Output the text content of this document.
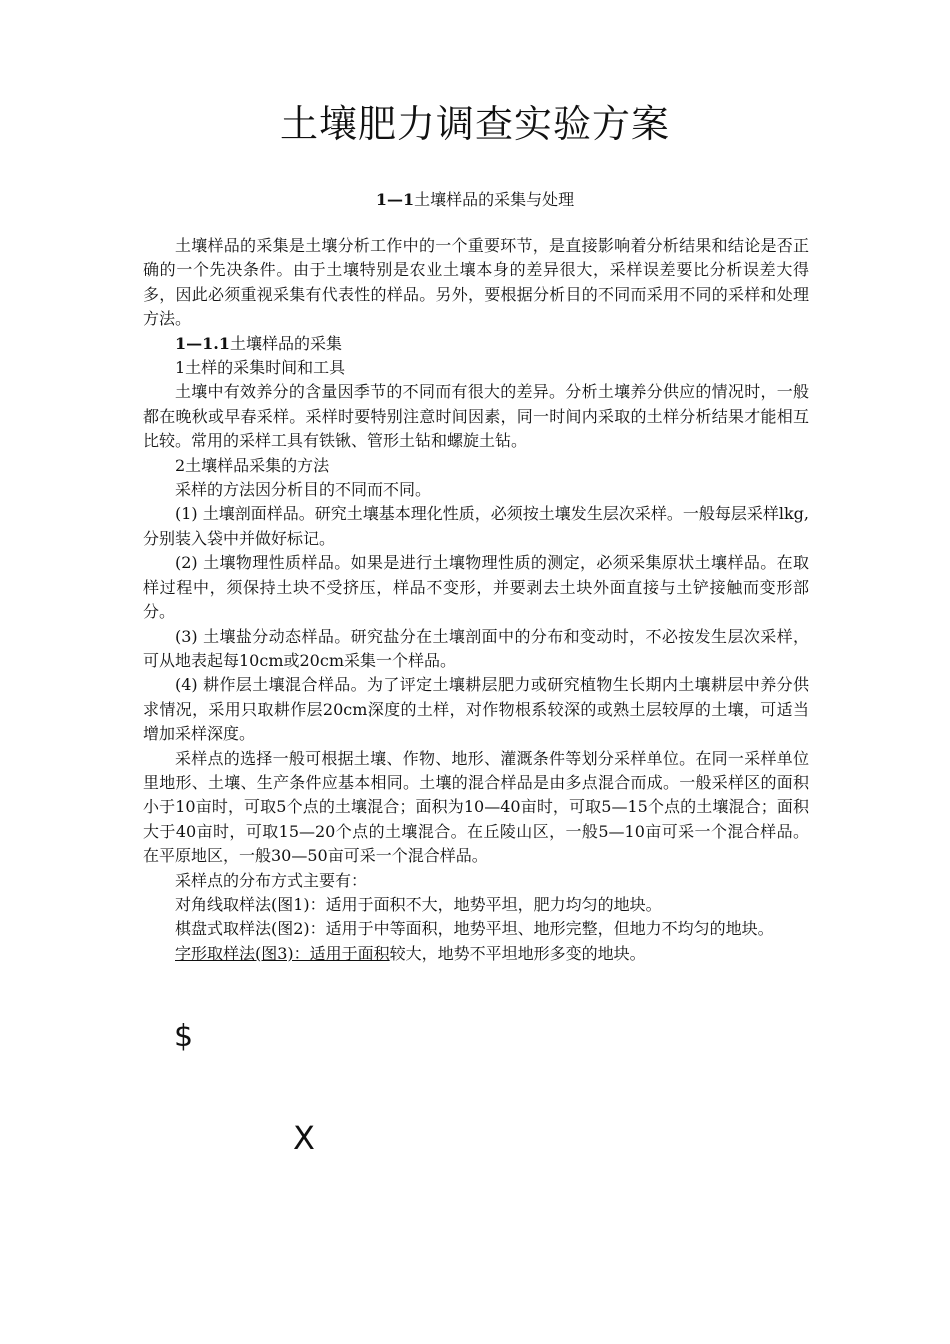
土壤肥力调查实验方案
1—1土壤样品的采集与处理

土壤样品的采集是土壤分析工作中的一个重要环节，是直接影响着分析结果和结论是否正确的一个先决条件。由于土壤特别是农业土壤本身的差异很大，采样误差要比分析误差大得多，因此必须重视采集有代表性的样品。另外，要根据分析目的不同而采用不同的采样和处理方法。

1—1.1土壤样品的采集

1土样的采集时间和工具

土壤中有效养分的含量因季节的不同而有很大的差异。分析土壤养分供应的情况时，一般都在晚秋或早春采样。采样时要特别注意时间因素，同一时间内采取的土样分析结果才能相互比较。常用的采样工具有铁锹、管形土钻和螺旋土钻。

2土壤样品采集的方法

采样的方法因分析目的不同而不同。

(1) 土壤剖面样品。研究土壤基本理化性质，必须按土壤发生层次采样。一般每层采样lkg, 分别装入袋中并做好标记。

(2) 土壤物理性质样品。如果是进行土壤物理性质的测定，必须采集原状土壤样品。在取样过程中，须保持土块不受挤压，样品不变形，并要剥去土块外面直接与土铲接触而变形部分。

(3) 土壤盐分动态样品。研究盐分在土壤剖面中的分布和变动时，不必按发生层次采样，可从地表起每10cm或20cm采集一个样品。

(4) 耕作层土壤混合样品。为了评定土壤耕层肥力或研究植物生长期内土壤耕层中养分供求情况，采用只取耕作层20cm深度的土样，对作物根系较深的或熟土层较厚的土壤，可适当增加采样深度。

采样点的选择一般可根据土壤、作物、地形、灌溉条件等划分采样单位。在同一采样单位里地形、土壤、生产条件应基本相同。土壤的混合样品是由多点混合而成。一般采样区的面积小于10亩时，可取5个点的土壤混合；面积为10—40亩时，可取5—15个点的土壤混合；面积大于40亩时，可取15—20个点的土壤混合。在丘陵山区，一般5—10亩可采一个混合样品。在平原地区，一般30—50亩可采一个混合样品。

采样点的分布方式主要有：

对角线取样法(图1)：适用于面积不大，地势平坦，肥力均匀的地块。

棋盘式取样法(图2)：适用于中等面积，地势平坦、地形完整，但地力不均匀的地块。

字形取样法(图3)：适用于面积较大，地势不平坦地形多变的地块。

$
X
